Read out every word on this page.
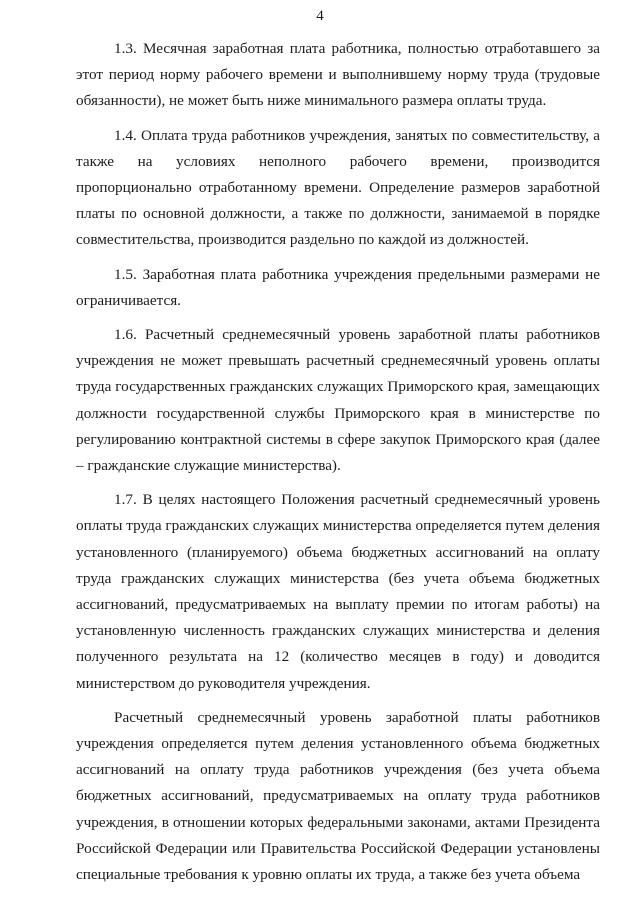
4

1.3. Месячная заработная плата работника, полностью отработавшего за этот период норму рабочего времени и выполнившему норму труда (трудовые обязанности), не может быть ниже минимального размера оплаты труда.

1.4. Оплата труда работников учреждения, занятых по совместительству, а также на условиях неполного рабочего времени, производится пропорционально отработанному времени. Определение размеров заработной платы по основной должности, а также по должности, занимаемой в порядке совместительства, производится раздельно по каждой из должностей.

1.5. Заработная плата работника учреждения предельными размерами не ограничивается.

1.6. Расчетный среднемесячный уровень заработной платы работников учреждения не может превышать расчетный среднемесячный уровень оплаты труда государственных гражданских служащих Приморского края, замещающих должности государственной службы Приморского края в министерстве по регулированию контрактной системы в сфере закупок Приморского края (далее – гражданские служащие министерства).

1.7. В целях настоящего Положения расчетный среднемесячный уровень оплаты труда гражданских служащих министерства определяется путем деления установленного (планируемого) объема бюджетных ассигнований на оплату труда гражданских служащих министерства (без учета объема бюджетных ассигнований, предусматриваемых на выплату премии по итогам работы) на установленную численность гражданских служащих министерства и деления полученного результата на 12 (количество месяцев в году) и доводится министерством до руководителя учреждения.

Расчетный среднемесячный уровень заработной платы работников учреждения определяется путем деления установленного объема бюджетных ассигнований на оплату труда работников учреждения (без учета объема бюджетных ассигнований, предусматриваемых на оплату труда работников учреждения, в отношении которых федеральными законами, актами Президента Российской Федерации или Правительства Российской Федерации установлены специальные требования к уровню оплаты их труда, а также без учета объема
